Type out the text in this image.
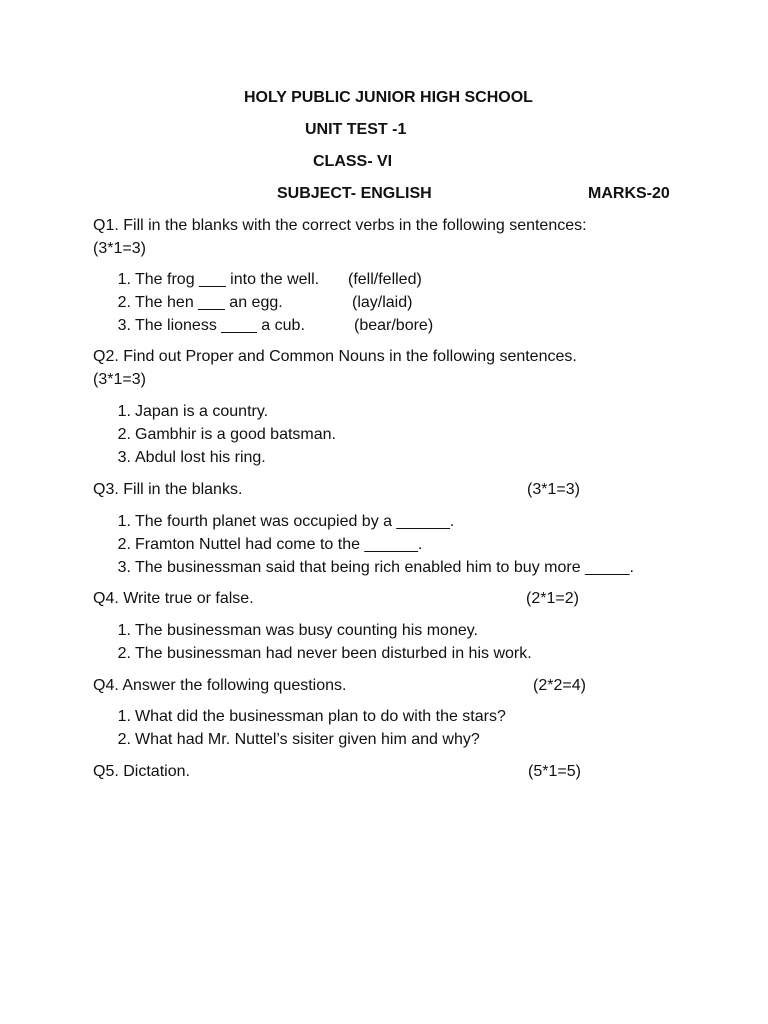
HOLY PUBLIC JUNIOR HIGH SCHOOL
UNIT TEST -1
CLASS- VI
SUBJECT- ENGLISH	MARKS-20
Q1. Fill in the blanks with the correct verbs in the following sentences:
(3*1=3)
1. The frog ___ into the well. (fell/felled)
2. The hen ___ an egg.	(lay/laid)
3. The lioness ____ a cub.	(bear/bore)
Q2. Find out Proper and Common Nouns in the following sentences.
(3*1=3)
1. Japan is a country.
2. Gambhir is a good batsman.
3. Abdul lost his ring.
Q3. Fill in the blanks.	(3*1=3)
1. The fourth planet was occupied by a ______.
2. Framton Nuttel had come to the ______.
3. The businessman said that being rich enabled him to buy more _____.
Q4. Write true or false.	(2*1=2)
1. The businessman was busy counting his money.
2. The businessman had never been disturbed in his work.
Q4. Answer the following questions.	(2*2=4)
1. What did the businessman plan to do with the stars?
2. What had Mr. Nuttel’s sisiter given him and why?
Q5. Dictation.	(5*1=5)
